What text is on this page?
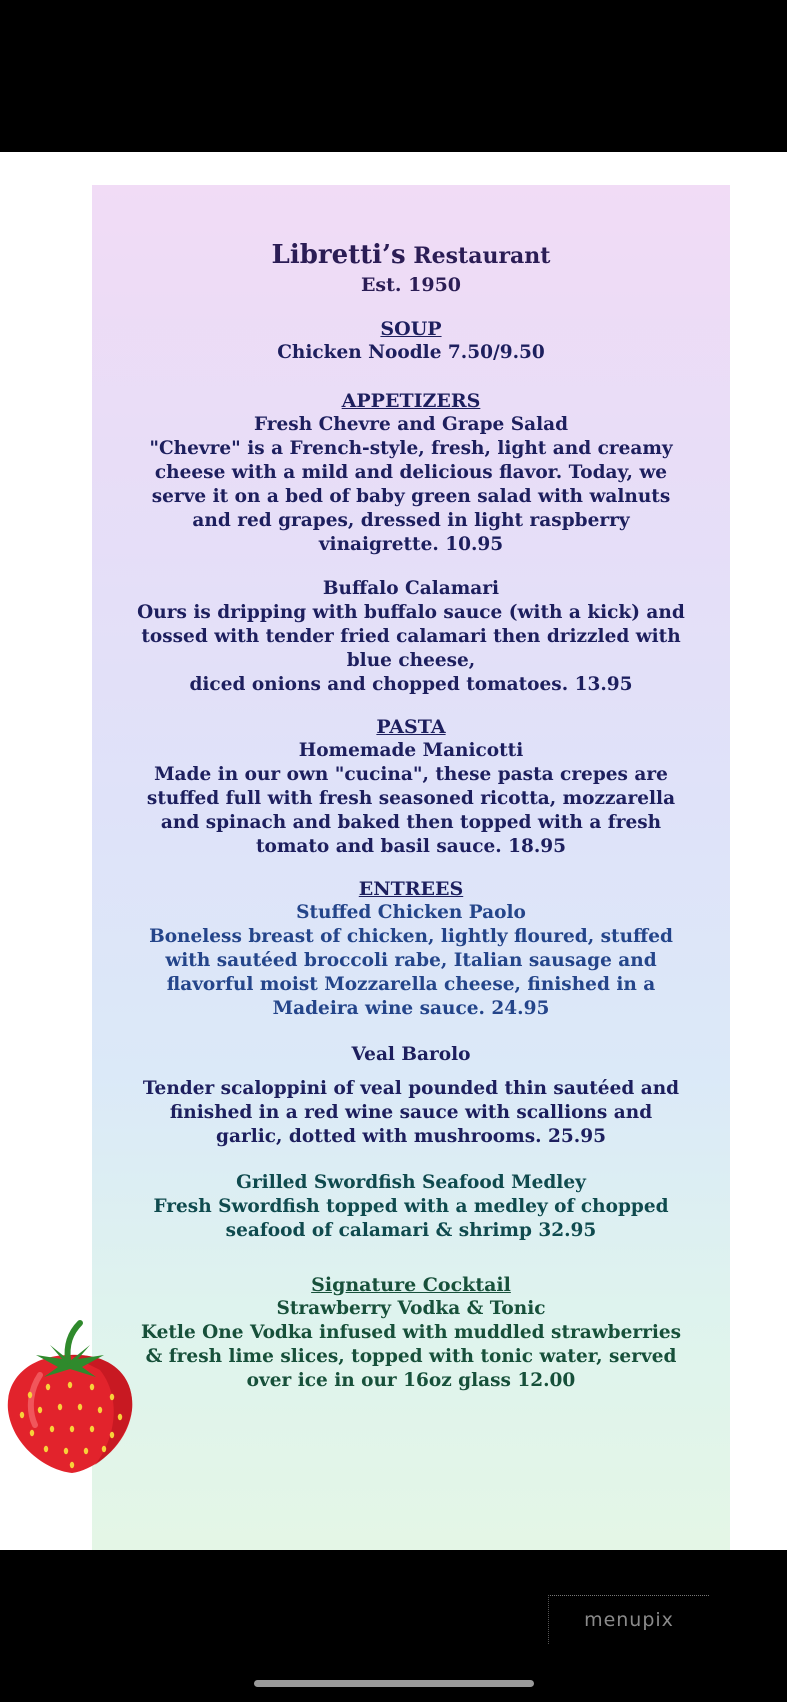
Libretti’s Restaurant
Est. 1950
SOUP
Chicken Noodle 7.50/9.50
APPETIZERS
Fresh Chevre and Grape Salad
"Chevre" is a French-style, fresh, light and creamy
cheese with a mild and delicious flavor. Today, we
serve it on a bed of baby green salad with walnuts
and red grapes, dressed in light raspberry
vinaigrette. 10.95
Buffalo Calamari
Ours is dripping with buffalo sauce (with a kick) and
tossed with tender fried calamari then drizzled with
blue cheese,
diced onions and chopped tomatoes. 13.95
PASTA
Homemade Manicotti
Made in our own "cucina", these pasta crepes are
stuffed full with fresh seasoned ricotta, mozzarella
and spinach and baked then topped with a fresh
tomato and basil sauce. 18.95
ENTREES
Stuffed Chicken Paolo
Boneless breast of chicken, lightly floured, stuffed
with sautéed broccoli rabe, Italian sausage and
flavorful moist Mozzarella cheese, finished in a
Madeira wine sauce. 24.95
Veal Barolo
Tender scaloppini of veal pounded thin sautéed and
finished in a red wine sauce with scallions and
garlic, dotted with mushrooms. 25.95
Grilled Swordfish Seafood Medley
Fresh Swordfish topped with a medley of chopped
seafood of calamari & shrimp 32.95
Signature Cocktail
Strawberry Vodka & Tonic
Ketle One Vodka infused with muddled strawberries
& fresh lime slices, topped with tonic water, served
over ice in our 16oz glass 12.00
menupix
